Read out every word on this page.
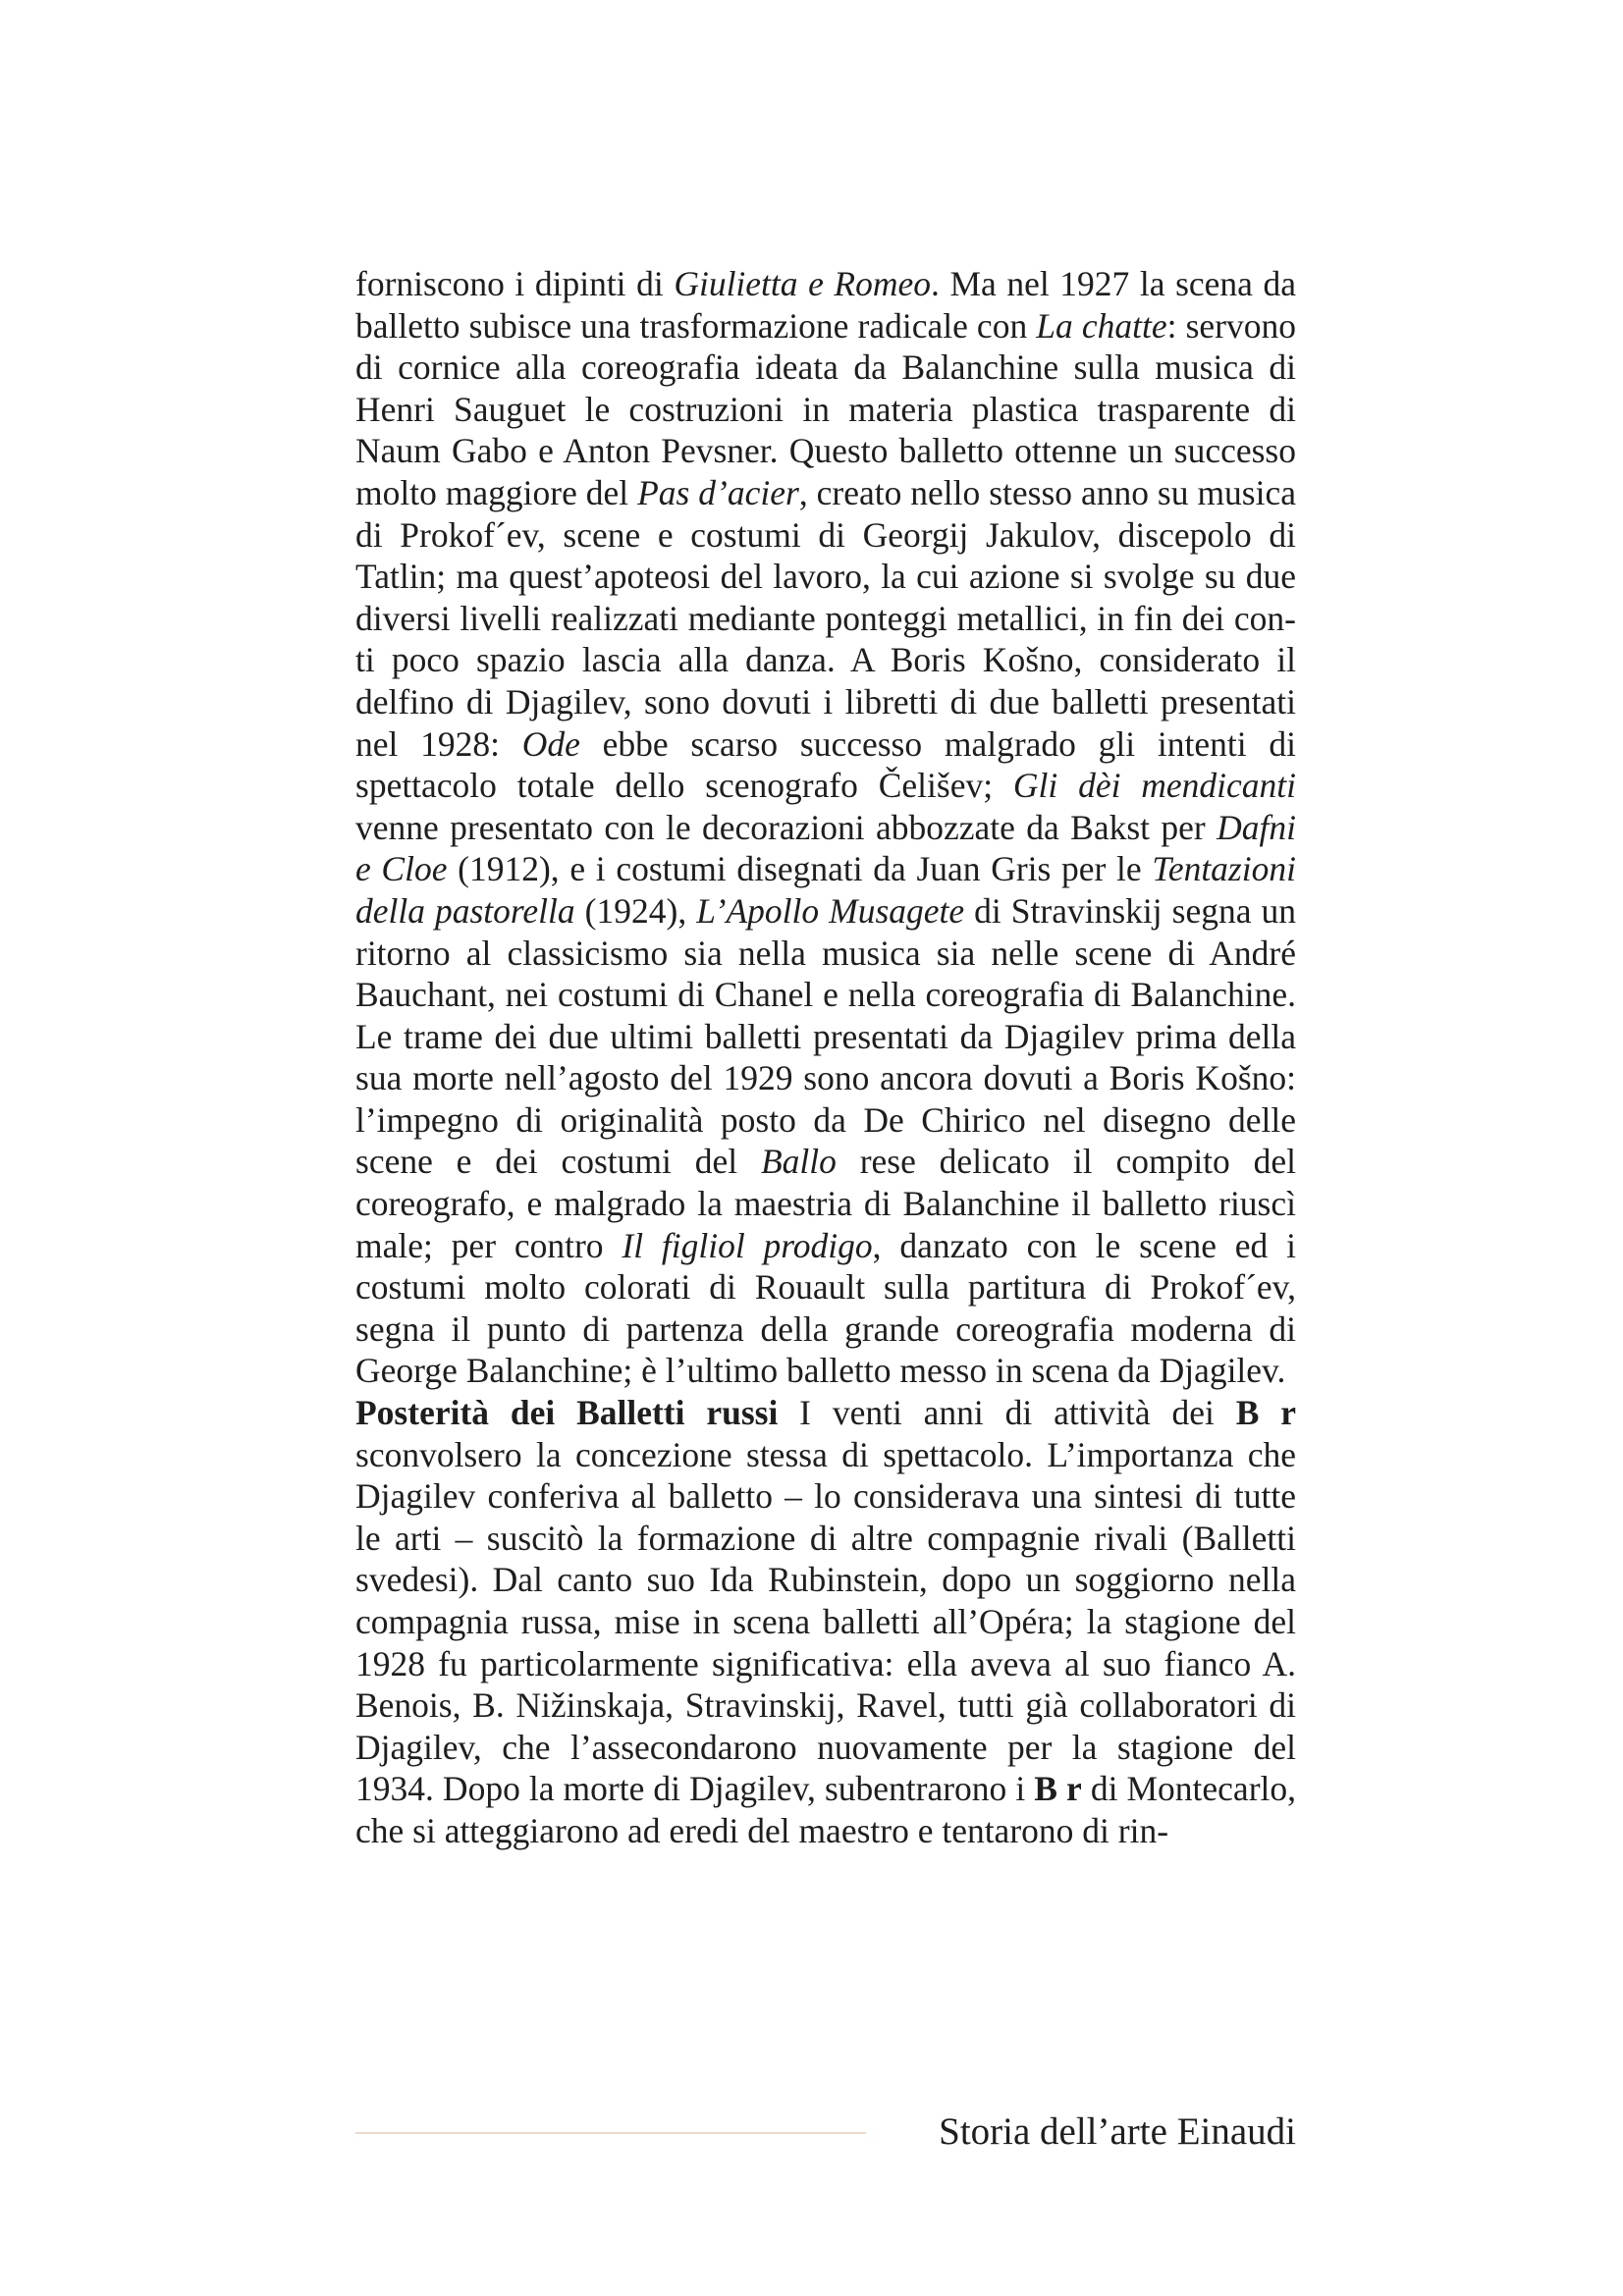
forniscono i dipinti di Giulietta e Romeo. Ma nel 1927 la scena da balletto subisce una trasformazione radicale con La chatte: servono di cornice alla coreografia ideata da Balanchine sulla musica di Henri Sauguet le costruzioni in materia plastica trasparente di Naum Gabo e Anton Pevsner. Questo balletto ottenne un successo molto maggiore del Pas d’acier, creato nello stesso anno su musica di Prokof´ev, scene e costumi di Georgij Jakulov, discepolo di Tatlin; ma quest’apoteosi del lavoro, la cui azione si svolge su due diversi livelli realizzati mediante ponteggi metallici, in fin dei conti poco spazio lascia alla danza. A Boris Košno, considerato il delfino di Djagilev, sono dovuti i libretti di due balletti presentati nel 1928: Ode ebbe scarso successo malgrado gli intenti di spettacolo totale dello scenografo Čelišev; Gli dèi mendicanti venne presentato con le decorazioni abbozzate da Bakst per Dafni e Cloe (1912), e i costumi disegnati da Juan Gris per le Tentazioni della pastorella (1924), L’Apollo Musagete di Stravinskij segna un ritorno al classicismo sia nella musica sia nelle scene di André Bauchant, nei costumi di Chanel e nella coreografia di Balanchine. Le trame dei due ultimi balletti presentati da Djagilev prima della sua morte nell’agosto del 1929 sono ancora dovuti a Boris Košno: l’impegno di originalità posto da De Chirico nel disegno delle scene e dei costumi del Ballo rese delicato il compito del coreografo, e malgrado la maestria di Balanchine il balletto riuscì male; per contro Il figliol prodigo, danzato con le scene ed i costumi molto colorati di Rouault sulla partitura di Prokof´ev, segna il punto di partenza della grande coreografia moderna di George Balanchine; è l’ultimo balletto messo in scena da Djagilev.

Posterità dei Balletti russi I venti anni di attività dei B r sconvolsero la concezione stessa di spettacolo. L’importanza che Djagilev conferiva al balletto – lo considerava una sintesi di tutte le arti – suscitò la formazione di altre compagnie rivali (Balletti svedesi). Dal canto suo Ida Rubinstein, dopo un soggiorno nella compagnia russa, mise in scena balletti all’Opéra; la stagione del 1928 fu particolarmente significativa: ella aveva al suo fianco A. Benois, B. Nižinskaja, Stravinskij, Ravel, tutti già collaboratori di Djagilev, che l’assecondarono nuovamente per la stagione del 1934. Dopo la morte di Djagilev, subentrarono i B r di Montecarlo, che si atteggiarono ad eredi del maestro e tentarono di rin-

Storia dell’arte Einaudi
